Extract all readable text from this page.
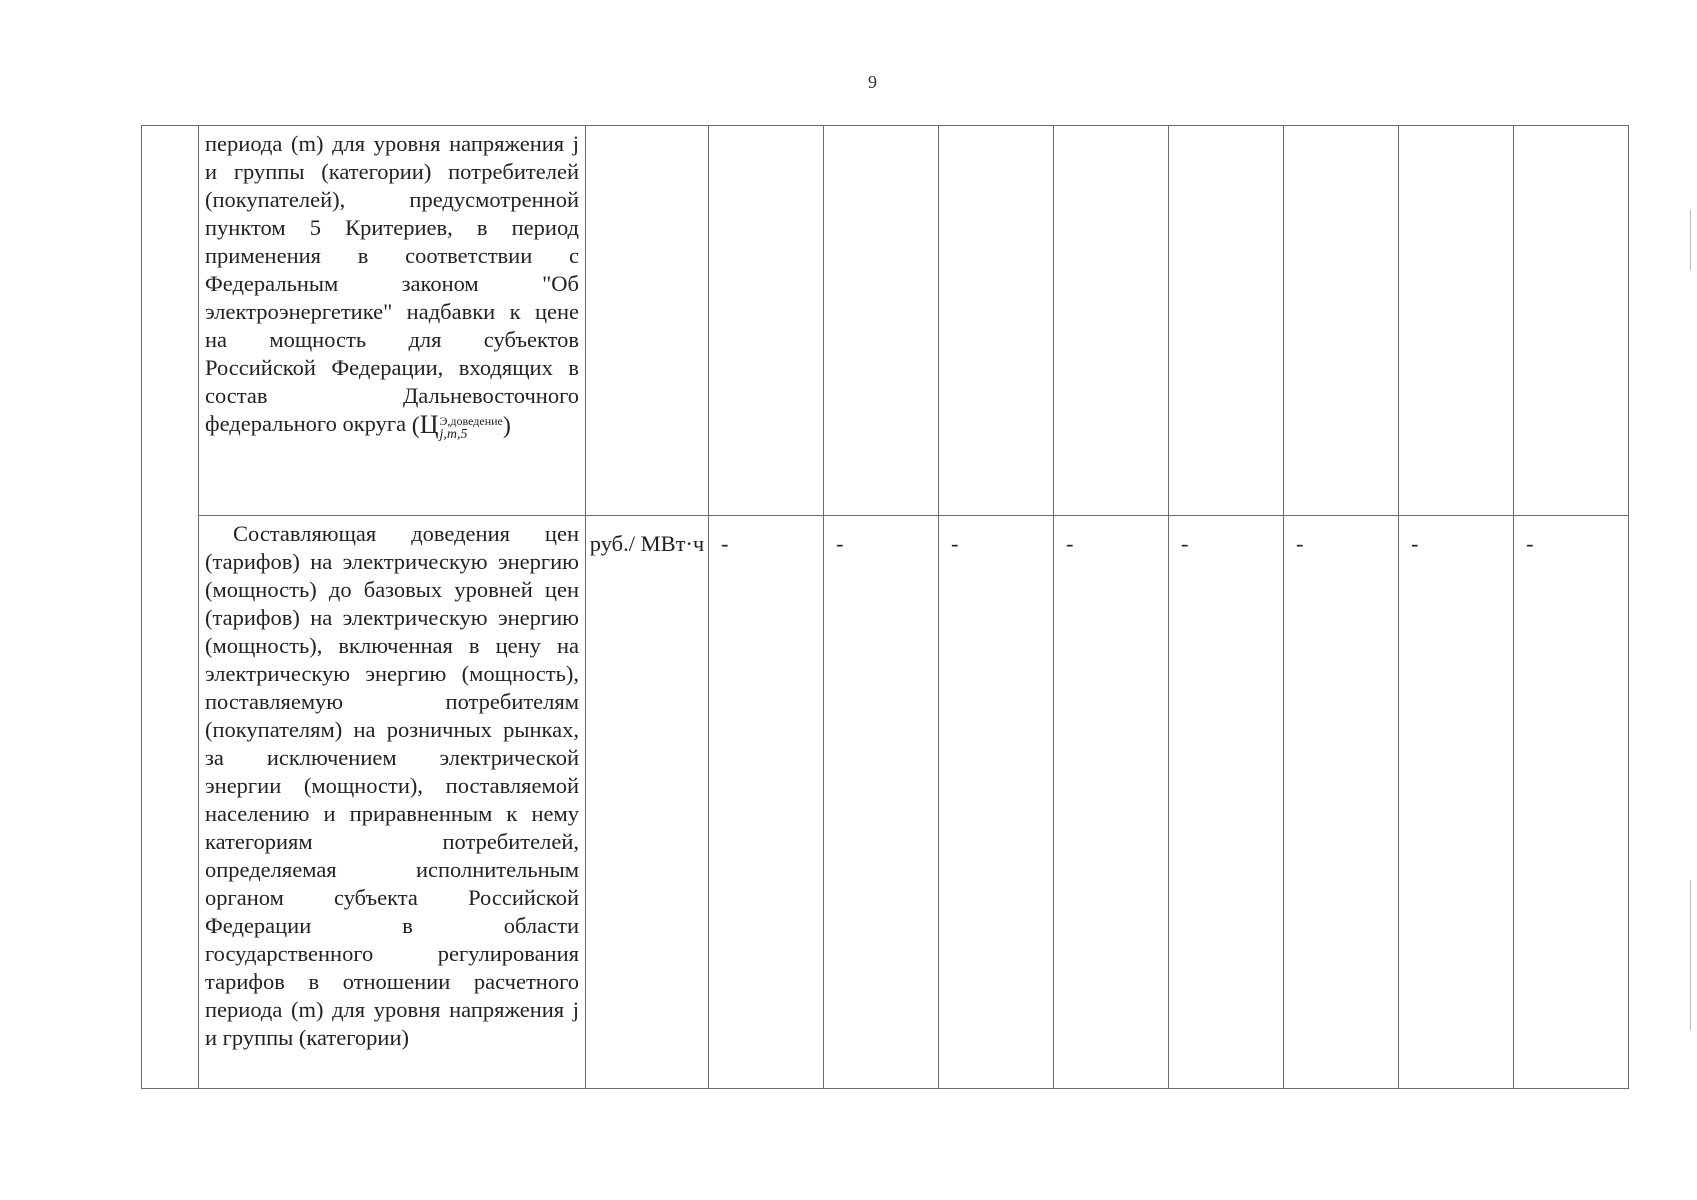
9

	периода (m) для уровня напряжения j и группы (категории) потребителей (покупателей), предусмотренной пунктом 5 Критериев, в период применения в соответствии с Федеральным законом "Об электроэнергетике" надбавки к цене на мощность для субъектов Российской Федерации, входящих в состав Дальневосточного федерального округа (Ц Э,доведение
j,m,5 )									

	Составляющая доведения цен (тарифов) на электрическую энергию (мощность) до базовых уровней цен (тарифов) на электрическую энергию (мощность), включенная в цену на электрическую энергию (мощность), поставляемую потребителям (покупателям) на розничных рынках, за исключением электрической энергии (мощности), поставляемой населению и приравненным к нему категориям потребителей, определяемая исполнительным органом субъекта Российской Федерации в области государственного регулирования тарифов в отношении расчетного периода (m) для уровня напряжения j и группы (категории)	руб./ МВт·ч	-	-	-	-	-	-	-	-
